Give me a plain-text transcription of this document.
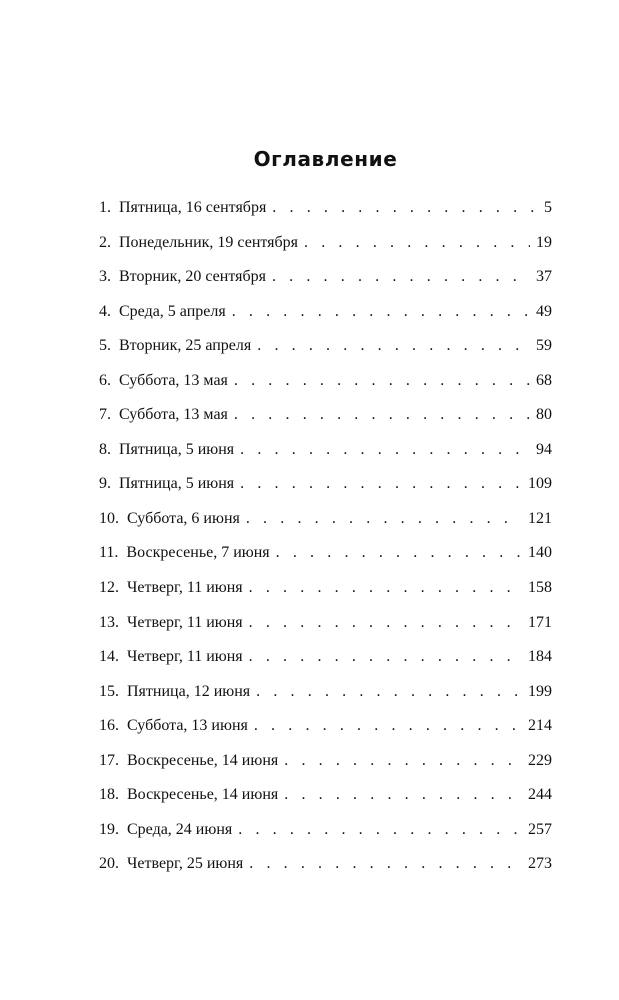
Оглавление
1. Пятница, 16 сентября . . .	5
2. Понедельник, 19 сентября . . .	19
3. Вторник, 20 сентября . . .	37
4. Среда, 5 апреля . . .	49
5. Вторник, 25 апреля . . .	59
6. Суббота, 13 мая . . .	68
7. Суббота, 13 мая . . .	80
8. Пятница, 5 июня . . .	94
9. Пятница, 5 июня . . .	109
10. Суббота, 6 июня . . .	121
11. Воскресенье, 7 июня . . .	140
12. Четверг, 11 июня . . .	158
13. Четверг, 11 июня . . .	171
14. Четверг, 11 июня . . .	184
15. Пятница, 12 июня . . .	199
16. Суббота, 13 июня . . .	214
17. Воскресенье, 14 июня . . .	229
18. Воскресенье, 14 июня . . .	244
19. Среда, 24 июня . . .	257
20. Четверг, 25 июня . . .	273
